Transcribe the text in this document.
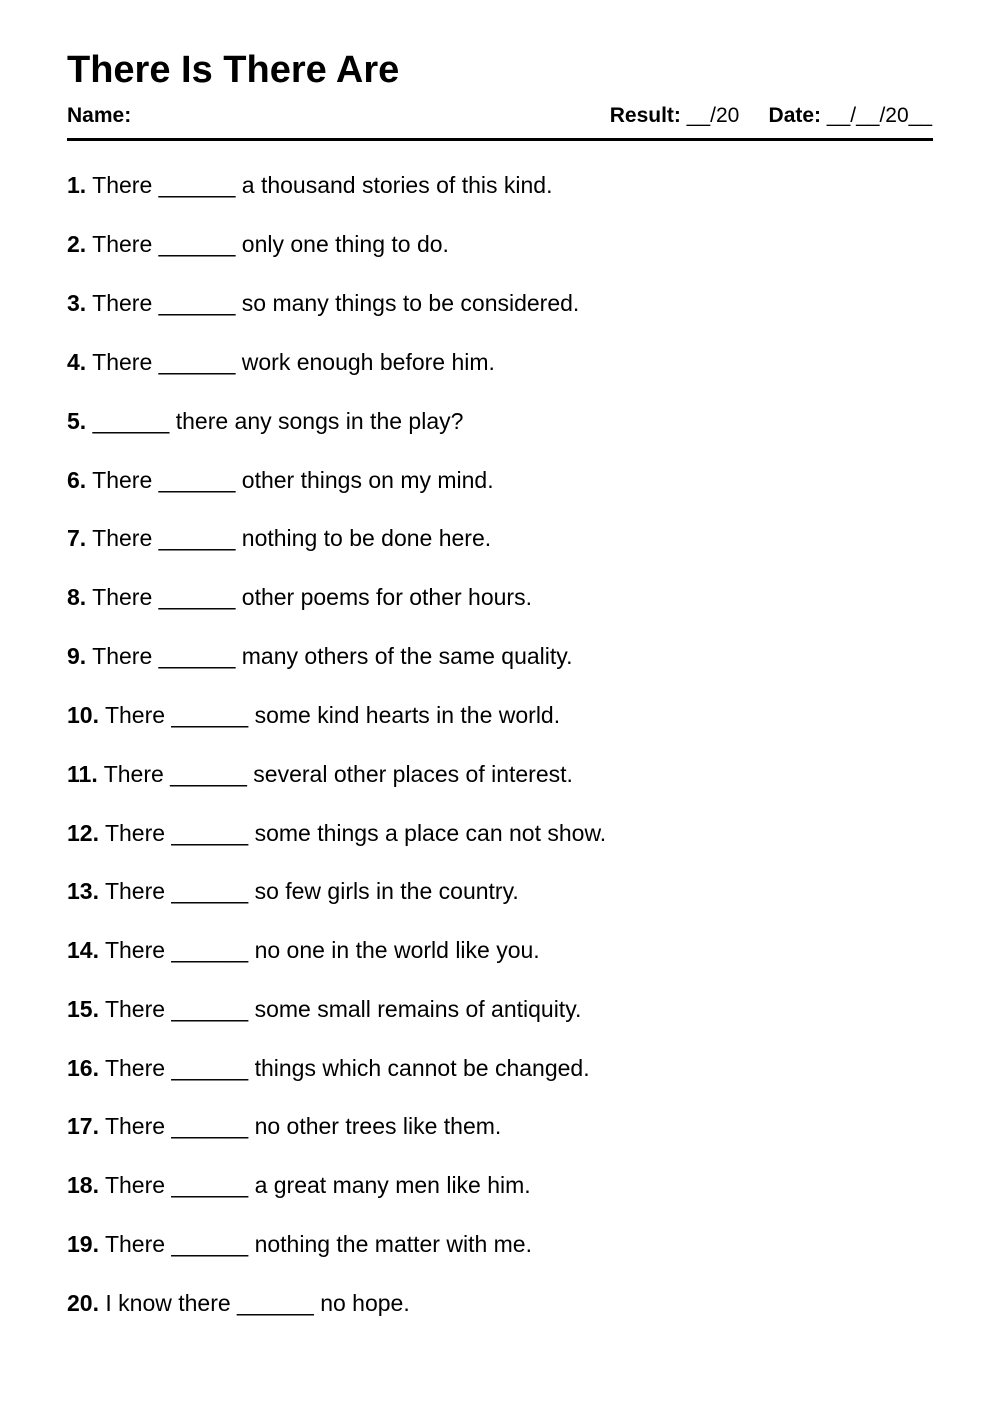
There Is There Are
Name:	Result: __/20 Date: __/__/20__
1. There ______ a thousand stories of this kind.
2. There ______ only one thing to do.
3. There ______ so many things to be considered.
4. There ______ work enough before him.
5. ______ there any songs in the play?
6. There ______ other things on my mind.
7. There ______ nothing to be done here.
8. There ______ other poems for other hours.
9. There ______ many others of the same quality.
10. There ______ some kind hearts in the world.
11. There ______ several other places of interest.
12. There ______ some things a place can not show.
13. There ______ so few girls in the country.
14. There ______ no one in the world like you.
15. There ______ some small remains of antiquity.
16. There ______ things which cannot be changed.
17. There ______ no other trees like them.
18. There ______ a great many men like him.
19. There ______ nothing the matter with me.
20. I know there ______ no hope.
